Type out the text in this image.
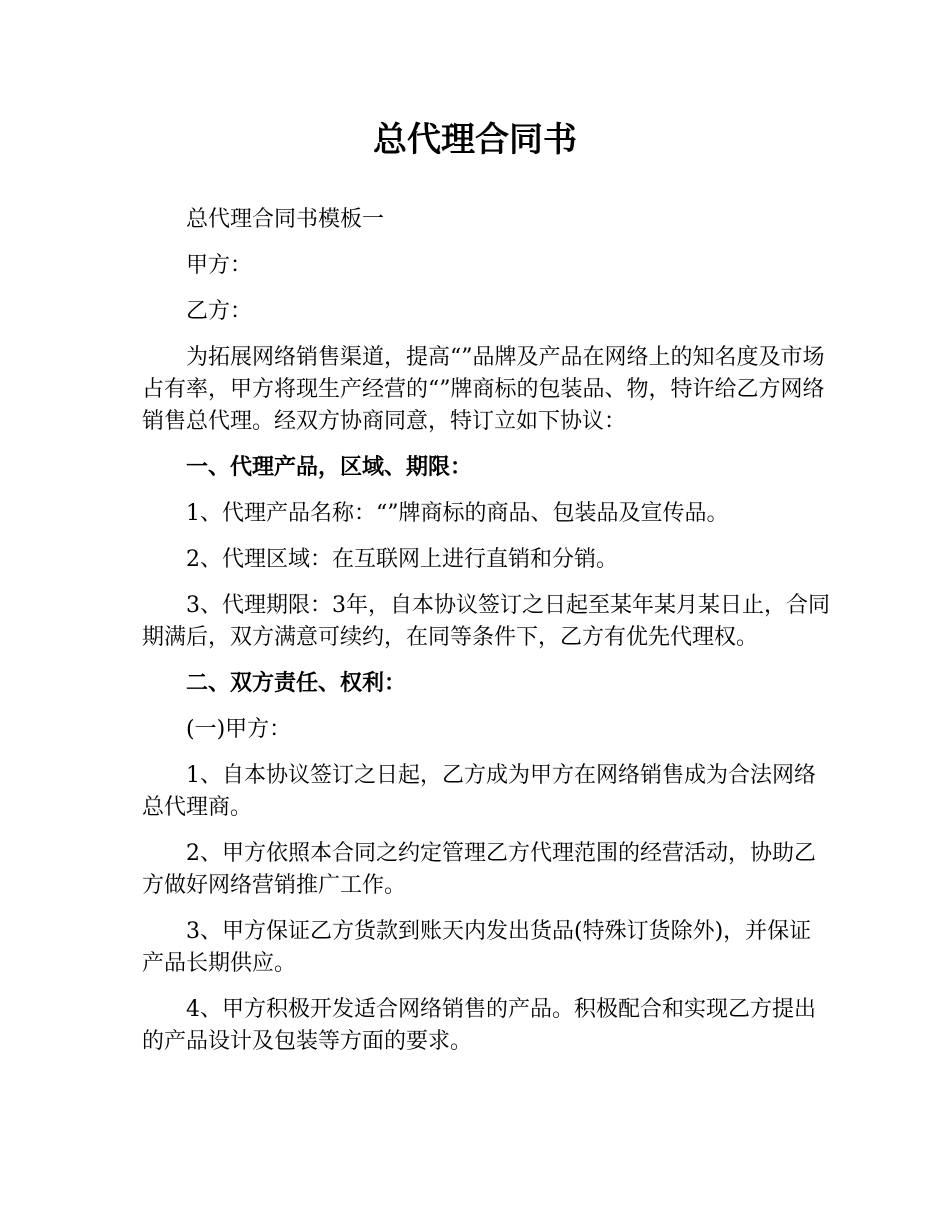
总代理合同书

总代理合同书模板一

甲方：

乙方：

为拓展网络销售渠道，提高“”品牌及产品在网络上的知名度及市场占有率，甲方将现生产经营的“”牌商标的包装品、物，特许给乙方网络销售总代理。经双方协商同意，特订立如下协议：

一、代理产品，区域、期限：

1、代理产品名称：“”牌商标的商品、包装品及宣传品。

2、代理区域：在互联网上进行直销和分销。

3、代理期限：3年，自本协议签订之日起至某年某月某日止，合同期满后，双方满意可续约，在同等条件下，乙方有优先代理权。

二、双方责任、权利：

(一)甲方：

1、自本协议签订之日起，乙方成为甲方在网络销售成为合法网络总代理商。

2、甲方依照本合同之约定管理乙方代理范围的经营活动，协助乙方做好网络营销推广工作。

3、甲方保证乙方货款到账天内发出货品(特殊订货除外)，并保证产品长期供应。

4、甲方积极开发适合网络销售的产品。积极配合和实现乙方提出的产品设计及包装等方面的要求。
